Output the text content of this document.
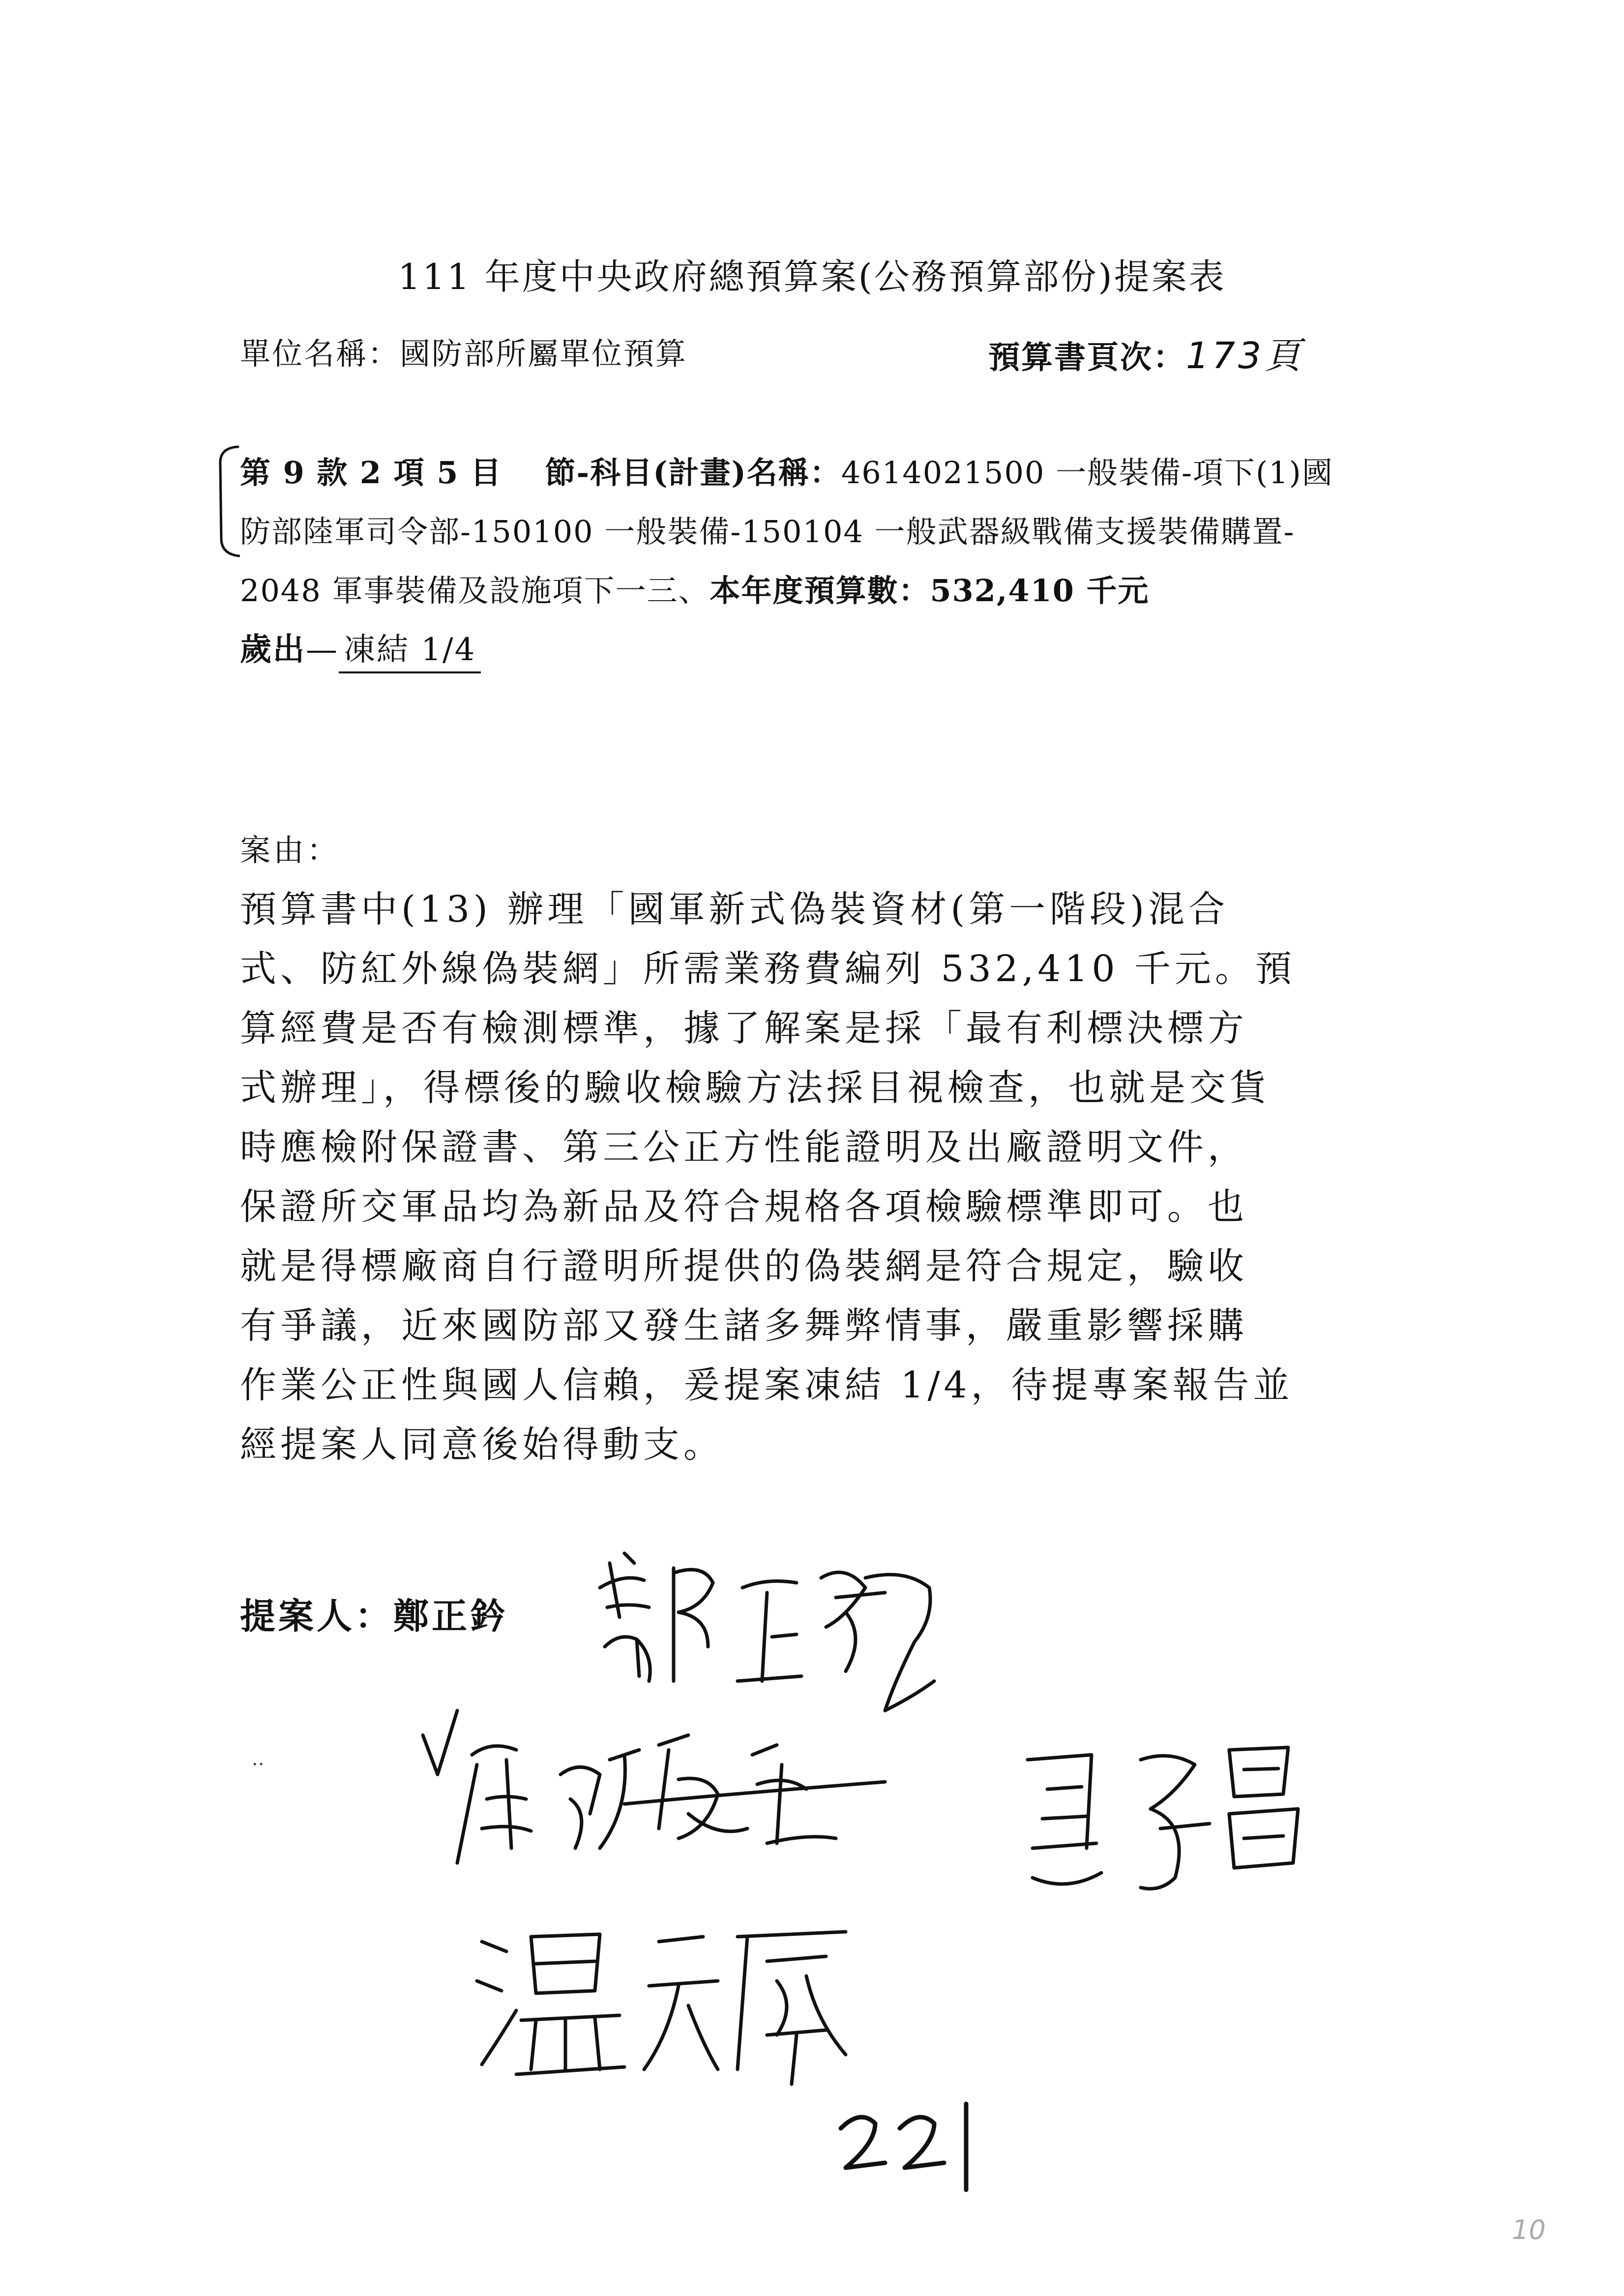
111 年度中央政府總預算案(公務預算部份)提案表
單位名稱：國防部所屬單位預算	預算書頁次：173頁
第 9 款 2 項 5 目　 節-科目(計畫)名稱：4614021500 一般裝備-項下(1)國
防部陸軍司令部-150100 一般裝備-150104 一般武器級戰備支援裝備購置-
2048 軍事裝備及設施項下一三、本年度預算數：532,410 千元
歲出— 凍結 1/4
案由：
預算書中(13) 辦理「國軍新式偽裝資材(第一階段)混合
式、防紅外線偽裝網」所需業務費編列 532,410 千元。預
算經費是否有檢測標準，據了解案是採「最有利標決標方
式辦理」，得標後的驗收檢驗方法採目視檢查，也就是交貨
時應檢附保證書、第三公正方性能證明及出廠證明文件，
保證所交軍品均為新品及符合規格各項檢驗標準即可。也
就是得標廠商自行證明所提供的偽裝網是符合規定，驗收
有爭議，近來國防部又發生諸多舞弊情事，嚴重影響採購
作業公正性與國人信賴，爰提案凍結 1/4，待提專案報告並
經提案人同意後始得動支。
提案人：鄭正鈐
..
10
